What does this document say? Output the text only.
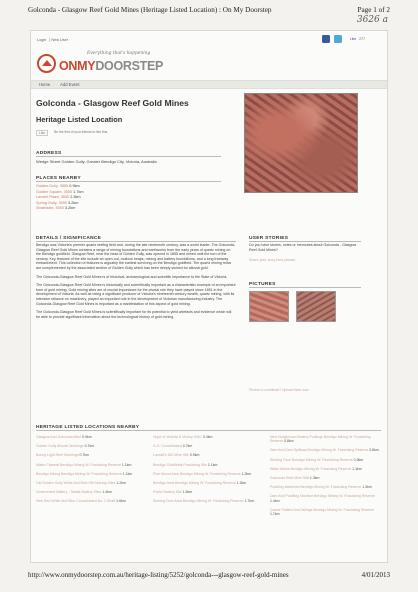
Golconda - Glasgow Reef Gold Mines (Heritage Listed Location) : On My Doorstep	Page 1 of 2
3626 a
Login | New User	Like 277
Everything that's happening
ONMYDOORSTEP
Home Add Event
Golconda - Glasgow Reef Gold Mines
Heritage Listed Location
Like	Be the first of your friends to like this.
ADDRESS
Wedge Street Golden Gully, Greater Bendigo City, Victoria, Australia
PLACES NEARBY
Golden Gully, 3555 0.9km
Golden Square, 3555 1.7km
Lansell Plaza, 3555 2.3km
Spring Gully, 3550 3.2km
Strathdale, 3550 3.2km
DETAILS / SIGNIFICANCE

Bendigo was Victoria's premier quartz reefing field and, during the late nineteenth century, was a world leader. The Golconda-Glasgow Reef Gold Mines contains a range of mining foundations and earthworks from the early years of quartz mining on the Bendigo goldfield. Glasgow Reef, near the head of Golden Gully, was opened in 1855 and mined until the turn of the century. Key features of the site include an open-cut, mullock heaps, mining and battery foundations, and a long tramway embankment. This collection of features is arguably the earliest surviving on the Bendigo goldfield. The quartz mining relics are complemented by the associated section of Golden Gully which has been deeply sluiced for alluvial gold.

The Golconda-Glasgow Reef Gold Mines is of historical, archaeological and scientific importance to the State of Victoria.

The Golconda-Glasgow Reef Gold Mines is historically and scientifically important as a characteristic example of an important form of gold mining. Gold mining sites are of crucial importance for the pivotal role they have played since 1851 in the development of Victoria. As well as being a significant producer of Victoria's nineteenth century wealth, quartz mining, with its intensive reliance on machinery, played an important role in the development of Victorian manufacturing industry. The Golconda-Glasgow Reef Gold Mines is important as a manifestation of this aspect of gold mining.

The Golconda-Glasgow Reef Gold Mines is scientifically important for its potential to yield artefacts and evidence which will be able to provide significant information about the technological history of gold mining.

USER STORIES
Do you have stories, notes or memories about Golconda - Glasgow Reef Gold Mines?
Share your story here please.
PICTURES
Photos to contribute? Upload them now.
HERITAGE LISTED LOCATIONS NEARBY
Glasgow And Golconda Mine 0.9km
Golden Gully Alluvial Workings 0.7km
Boring Light Reef Workings 0.7km
Water Channel Bendigo Mining W. Fossicking Reserve 1.1km
Bendigo Mining Bendigo Mining W. Fossicking Reserve 1.1km
Old Golden Gully White And Blue Hill Sluicing Sites 1.2km
Government Battery - Taldak Battery Sites 1.4km
New Red White And Blue Consolidated No. 2 Shaft 1.6km
Hope of Victoria & Victory GMC 0.4km
G.G. Consolidated 0.7km
Lansell's 180 Mine Site 0.9km
Bendigo Goldfields Fossicking Site 1.1km
Pine Mount Area Bendigo Mining W. Fossicking Reserve 1.2km
Bendigo Area Bendigo Mining W. Fossicking Reserve 1.2km
Public Battery Site 1.5km
Sluicing Dam Area Bendigo Mining W. Fossicking Reserve 1.7km
New Hodgkinson Battery Footings Bendigo Mining W. Fossicking Reserve 0.8km
Dam And Dam Spillway Bendigo Mining W. Fossicking Reserve 0.8km
Sluicing Face Bendigo Mining W. Fossicking Reserve 0.9km
Water Mains Bendigo Mining W. Fossicking Reserve 1.1km
Golconda Reef Mine Site 1.3km
Puddling Machines Bendigo Mining W. Fossicking Reserve 1.3km
Dam And Puddling Machine Bendigo Mining W. Fossicking Reserve 1.4km
Quartz Pattern And Tailings Bendigo Mining W. Fossicking Reserve 1.7km
http://www.onmydoorstep.com.au/heritage-listing/5252/golconda---glasgow-reef-gold-mines	4/01/2013
